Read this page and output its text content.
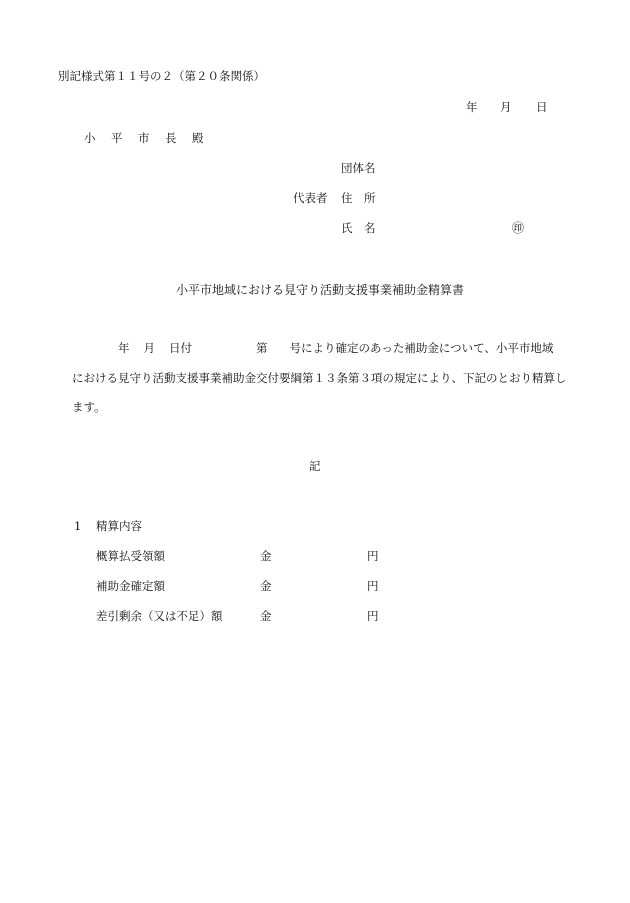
別記様式第１１号の２（第２０条関係）
年 月 日
小　平　市　長　殿
団体名
代表者 住　所
氏　名	㊞
小平市地域における見守り活動支援事業補助金精算書
年 月 日付	第 号により確定のあった補助金について、小平市地域
における見守り活動支援事業補助金交付要綱第１３条第３項の規定により、下記のとおり精算し
ます。
記
1 精算内容
概算払受領額	金	円
補助金確定額	金	円
差引剰余（又は不足）額	金	円
